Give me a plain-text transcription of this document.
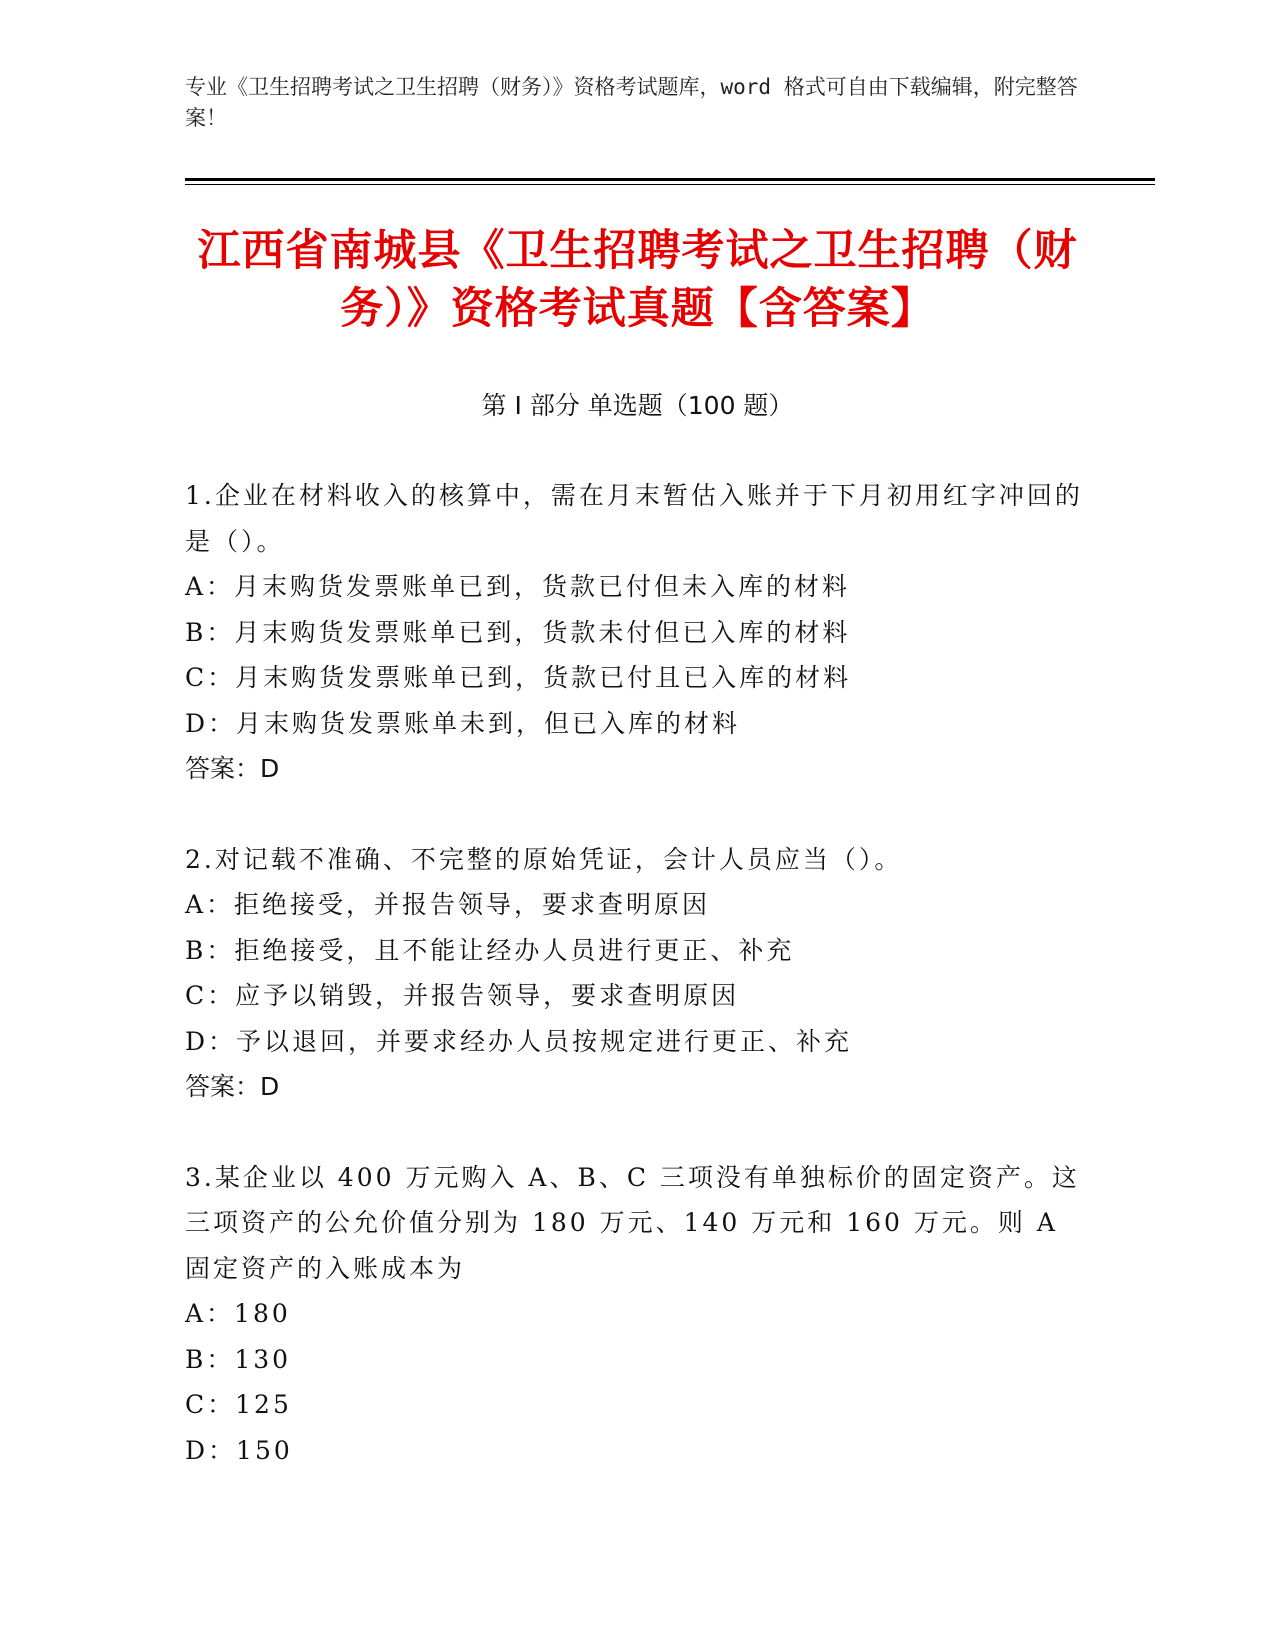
专业《卫生招聘考试之卫生招聘（财务）》资格考试题库，word 格式可自由下载编辑，附完整答案！
江西省南城县《卫生招聘考试之卫生招聘（财务）》资格考试真题【含答案】
第 I 部分 单选题（100 题）
1.企业在材料收入的核算中，需在月末暂估入账并于下月初用红字冲回的是（）。
A：月末购货发票账单已到，货款已付但未入库的材料
B：月末购货发票账单已到，货款未付但已入库的材料
C：月末购货发票账单已到，货款已付且已入库的材料
D：月末购货发票账单未到，但已入库的材料
答案：D
2.对记载不准确、不完整的原始凭证，会计人员应当（）。
A：拒绝接受，并报告领导，要求查明原因
B：拒绝接受，且不能让经办人员进行更正、补充
C：应予以销毁，并报告领导，要求查明原因
D：予以退回，并要求经办人员按规定进行更正、补充
答案：D
3.某企业以 400 万元购入 A、B、C 三项没有单独标价的固定资产。这三项资产的公允价值分别为 180 万元、140 万元和 160 万元。则 A 固定资产的入账成本为
A：180
B：130
C：125
D：150
